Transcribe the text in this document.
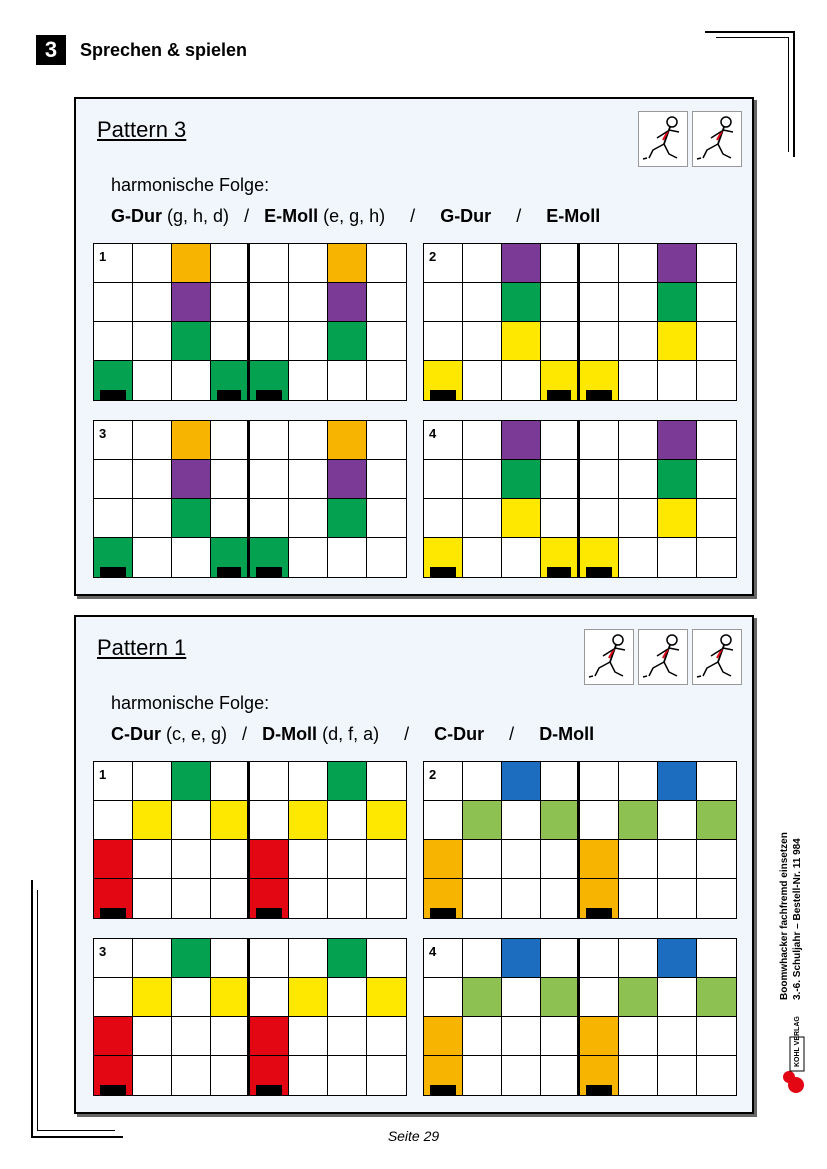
3	Sprechen & spielen
Pattern 3
harmonische Folge:
G-Dur (g, h, d)   /   E-Moll (e, g, h)     /     G-Dur     /     E-Moll
1	2
3	4
Pattern 1
harmonische Folge:
C-Dur (c, e, g)   /   D-Moll (d, f, a)     /     C-Dur     /     D-Moll
1	2
3	4
KOHL VERLAG
Boomwhacker fachfremd einsetzen 3.-6. Schuljahr – Bestell-Nr. 11 984
Seite 29
